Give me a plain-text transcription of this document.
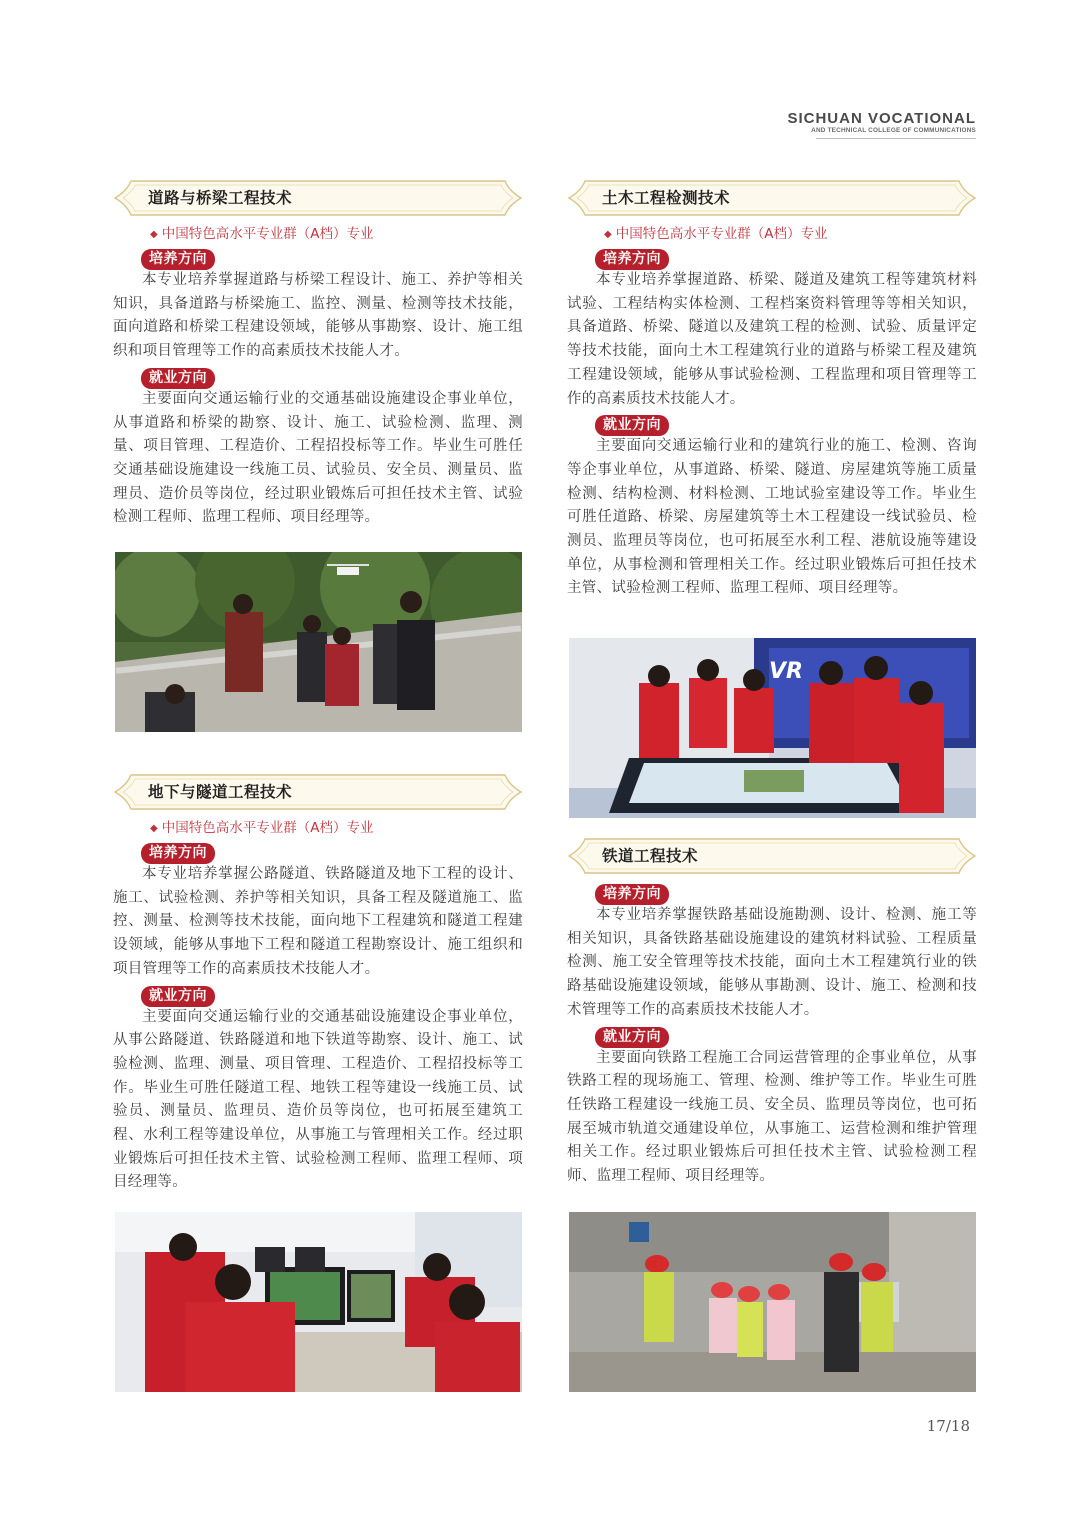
SICHUAN VOCATIONAL
AND TECHNICAL COLLEGE OF COMMUNICATIONS
道路与桥梁工程技术
◆ 中国特色高水平专业群（A档）专业
培养方向

本专业培养掌握道路与桥梁工程设计、施工、养护等相关知识，具备道路与桥梁施工、监控、测量、检测等技术技能，面向道路和桥梁工程建设领域，能够从事勘察、设计、施工组织和项目管理等工作的高素质技术技能人才。

就业方向

主要面向交通运输行业的交通基础设施建设企事业单位，从事道路和桥梁的勘察、设计、施工、试验检测、监理、测量、项目管理、工程造价、工程招投标等工作。毕业生可胜任交通基础设施建设一线施工员、试验员、安全员、测量员、监理员、造价员等岗位，经过职业锻炼后可担任技术主管、试验检测工程师、监理工程师、项目经理等。

地下与隧道工程技术
◆ 中国特色高水平专业群（A档）专业
培养方向

本专业培养掌握公路隧道、铁路隧道及地下工程的设计、施工、试验检测、养护等相关知识，具备工程及隧道施工、监控、测量、检测等技术技能，面向地下工程建筑和隧道工程建设领域，能够从事地下工程和隧道工程勘察设计、施工组织和项目管理等工作的高素质技术技能人才。

就业方向

主要面向交通运输行业的交通基础设施建设企事业单位，从事公路隧道、铁路隧道和地下铁道等勘察、设计、施工、试验检测、监理、测量、项目管理、工程造价、工程招投标等工作。毕业生可胜任隧道工程、地铁工程等建设一线施工员、试验员、测量员、监理员、造价员等岗位，也可拓展至建筑工程、水利工程等建设单位，从事施工与管理相关工作。经过职业锻炼后可担任技术主管、试验检测工程师、监理工程师、项目经理等。

土木工程检测技术
◆ 中国特色高水平专业群（A档）专业
培养方向

本专业培养掌握道路、桥梁、隧道及建筑工程等建筑材料试验、工程结构实体检测、工程档案资料管理等等相关知识，具备道路、桥梁、隧道以及建筑工程的检测、试验、质量评定等技术技能，面向土木工程建筑行业的道路与桥梁工程及建筑工程建设领域，能够从事试验检测、工程监理和项目管理等工作的高素质技术技能人才。

就业方向

主要面向交通运输行业和的建筑行业的施工、检测、咨询等企事业单位，从事道路、桥梁、隧道、房屋建筑等施工质量检测、结构检测、材料检测、工地试验室建设等工作。毕业生可胜任道路、桥梁、房屋建筑等土木工程建设一线试验员、检测员、监理员等岗位，也可拓展至水利工程、港航设施等建设单位，从事检测和管理相关工作。经过职业锻炼后可担任技术主管、试验检测工程师、监理工程师、项目经理等。

VR
铁道工程技术
培养方向

本专业培养掌握铁路基础设施勘测、设计、检测、施工等相关知识，具备铁路基础设施建设的建筑材料试验、工程质量检测、施工安全管理等技术技能，面向土木工程建筑行业的铁路基础设施建设领域，能够从事勘测、设计、施工、检测和技术管理等工作的高素质技术技能人才。

就业方向

主要面向铁路工程施工合同运营管理的企事业单位，从事铁路工程的现场施工、管理、检测、维护等工作。毕业生可胜任铁路工程建设一线施工员、安全员、监理员等岗位，也可拓展至城市轨道交通建设单位，从事施工、运营检测和维护管理相关工作。经过职业锻炼后可担任技术主管、试验检测工程师、监理工程师、项目经理等。

17/18
